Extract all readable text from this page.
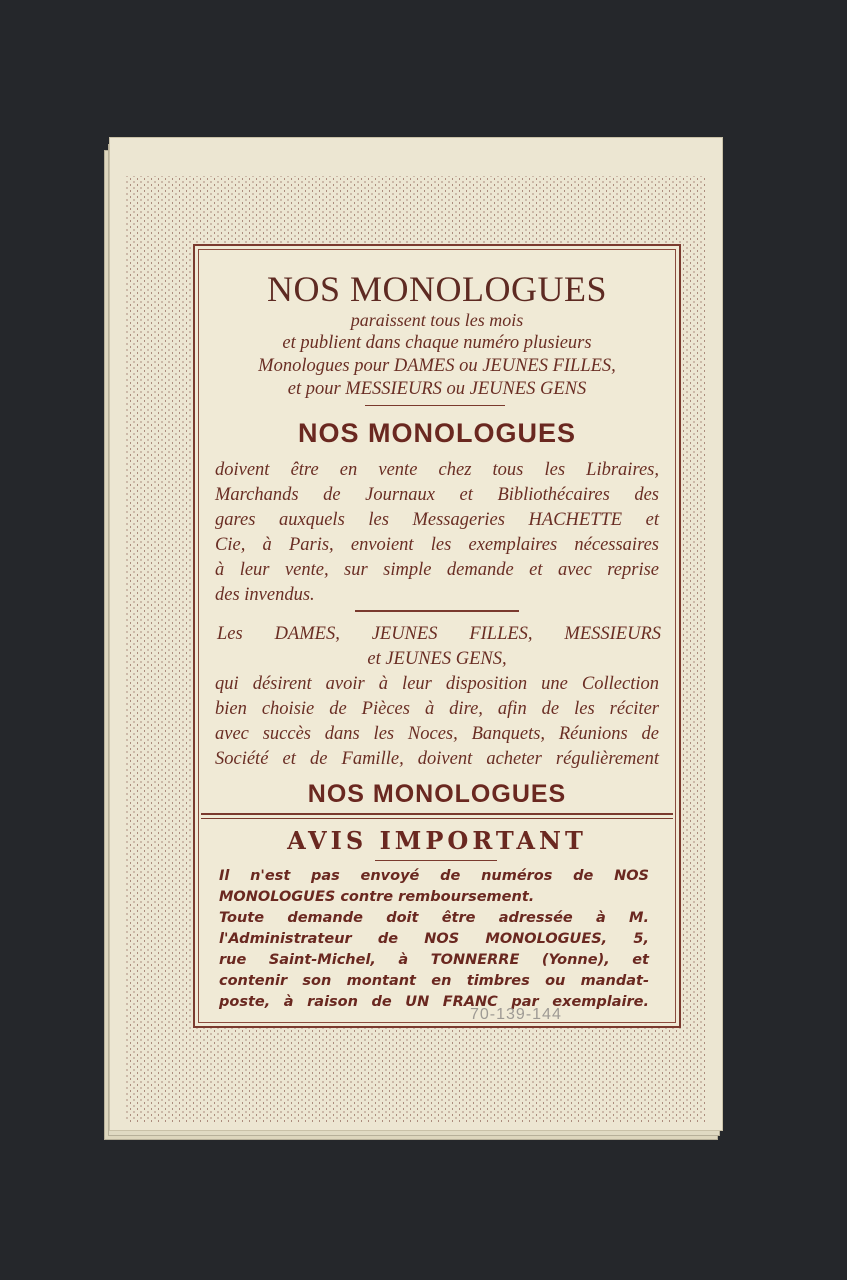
NOS MONOLOGUES
paraissent tous les mois
et publient dans chaque numéro plusieurs
Monologues pour DAMES ou JEUNES FILLES,
et pour MESSIEURS ou JEUNES GENS
NOS MONOLOGUES
doivent être en vente chez tous les Libraires,
Marchands de Journaux et Bibliothécaires des
gares auxquels les Messageries HACHETTE et
Cie, à Paris, envoient les exemplaires nécessaires
à leur vente, sur simple demande et avec reprise
des invendus.
Les DAMES, JEUNES FILLES, MESSIEURS
et JEUNES GENS,
qui désirent avoir à leur disposition une Collection
bien choisie de Pièces à dire, afin de les réciter
avec succès dans les Noces, Banquets, Réunions de
Société et de Famille, doivent acheter régulièrement
NOS MONOLOGUES
AVIS IMPORTANT
Il n'est pas envoyé de numéros de NOS
MONOLOGUES contre remboursement.
Toute demande doit être adressée à M.
l'Administrateur de NOS MONOLOGUES, 5,
rue Saint-Michel, à TONNERRE (Yonne), et
contenir son montant en timbres ou mandat-
poste, à raison de UN FRANC par exemplaire.
70-139-144
